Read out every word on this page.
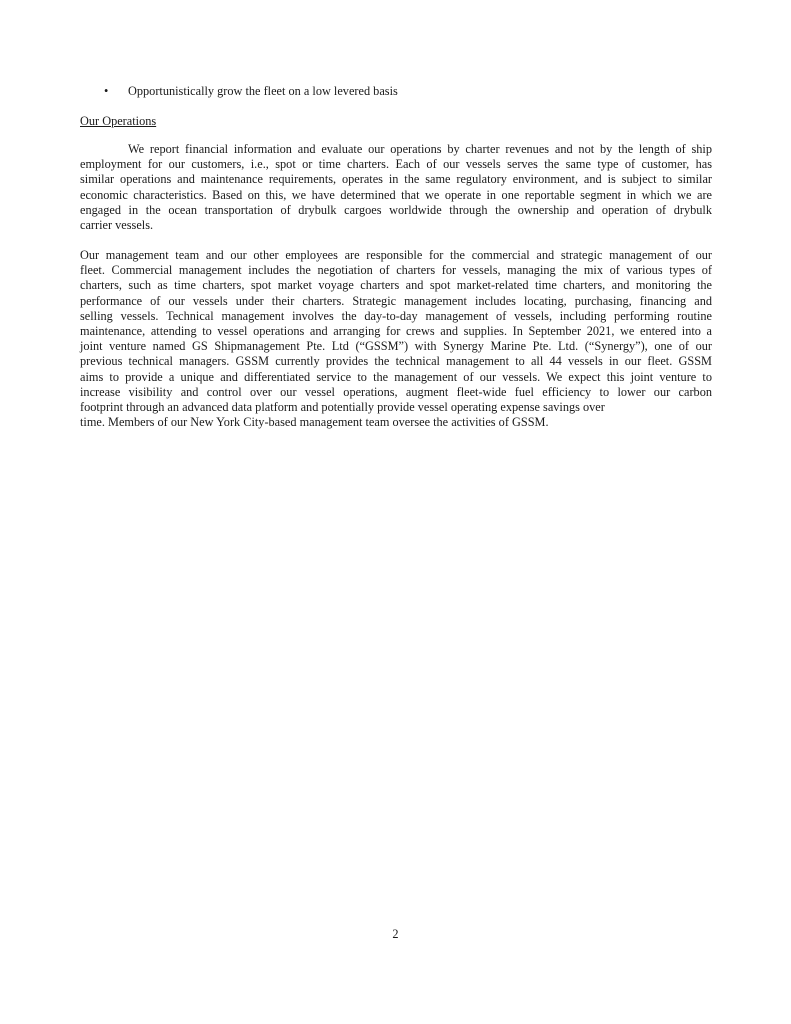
• Opportunistically grow the fleet on a low levered basis
Our Operations

We report financial information and evaluate our operations by charter revenues and not by the length of ship
employment for our customers, i.e., spot or time charters. Each of our vessels serves the same type of customer, has
similar operations and maintenance requirements, operates in the same regulatory environment, and is subject to similar
economic characteristics. Based on this, we have determined that we operate in one reportable segment in which we are
engaged in the ocean transportation of drybulk cargoes worldwide through the ownership and operation of drybulk
carrier vessels.

Our management team and our other employees are responsible for the commercial and strategic management of our
fleet. Commercial management includes the negotiation of charters for vessels, managing the mix of various types of
charters, such as time charters, spot market voyage charters and spot market-related time charters, and monitoring the
performance of our vessels under their charters. Strategic management includes locating, purchasing, financing and
selling vessels. Technical management involves the day-to-day management of vessels, including performing routine
maintenance, attending to vessel operations and arranging for crews and supplies. In September 2021, we entered into a
joint venture named GS Shipmanagement Pte. Ltd (“GSSM”) with Synergy Marine Pte. Ltd. (“Synergy”), one of our
previous technical managers. GSSM currently provides the technical management to all 44 vessels in our fleet. GSSM
aims to provide a unique and differentiated service to the management of our vessels. We expect this joint venture to
increase visibility and control over our vessel operations, augment fleet-wide fuel efficiency to lower our carbon
footprint through an advanced data platform and potentially provide vessel operating expense savings over
time. Members of our New York City-based management team oversee the activities of GSSM.

2
